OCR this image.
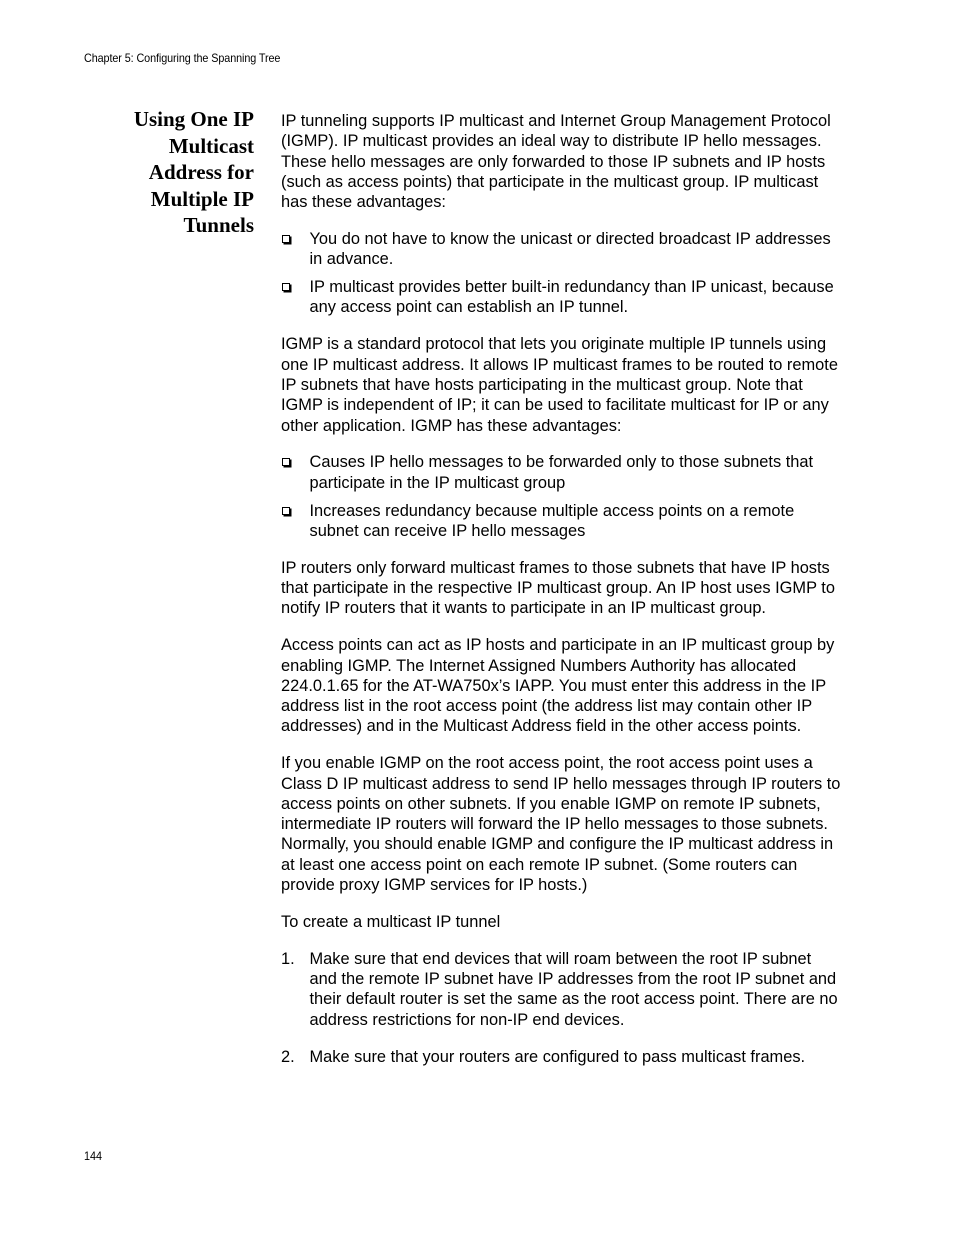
Chapter 5: Configuring the Spanning Tree
Using One IP
Multicast
Address for
Multiple IP
Tunnels

IP tunneling supports IP multicast and Internet Group Management Protocol (IGMP). IP multicast provides an ideal way to distribute IP hello messages. These hello messages are only forwarded to those IP subnets and IP hosts (such as access points) that participate in the multicast group. IP multicast has these advantages:

You do not have to know the unicast or directed broadcast IP addresses in advance.
IP multicast provides better built-in redundancy than IP unicast, because any access point can establish an IP tunnel.

IGMP is a standard protocol that lets you originate multiple IP tunnels using one IP multicast address. It allows IP multicast frames to be routed to remote IP subnets that have hosts participating in the multicast group. Note that IGMP is independent of IP; it can be used to facilitate multicast for IP or any other application. IGMP has these advantages:

Causes IP hello messages to be forwarded only to those subnets that participate in the IP multicast group
Increases redundancy because multiple access points on a remote subnet can receive IP hello messages

IP routers only forward multicast frames to those subnets that have IP hosts that participate in the respective IP multicast group. An IP host uses IGMP to notify IP routers that it wants to participate in an IP multicast group.

Access points can act as IP hosts and participate in an IP multicast group by enabling IGMP. The Internet Assigned Numbers Authority has allocated 224.0.1.65 for the AT-WA750x’s IAPP. You must enter this address in the IP address list in the root access point (the address list may contain other IP addresses) and in the Multicast Address field in the other access points.

If you enable IGMP on the root access point, the root access point uses a Class D IP multicast address to send IP hello messages through IP routers to access points on other subnets. If you enable IGMP on remote IP subnets, intermediate IP routers will forward the IP hello messages to those subnets. Normally, you should enable IGMP and configure the IP multicast address in at least one access point on each remote IP subnet. (Some routers can provide proxy IGMP services for IP hosts.)

To create a multicast IP tunnel

1. Make sure that end devices that will roam between the root IP subnet and the remote IP subnet have IP addresses from the root IP subnet and their default router is set the same as the root access point. There are no address restrictions for non-IP end devices.
2. Make sure that your routers are configured to pass multicast frames.
144
